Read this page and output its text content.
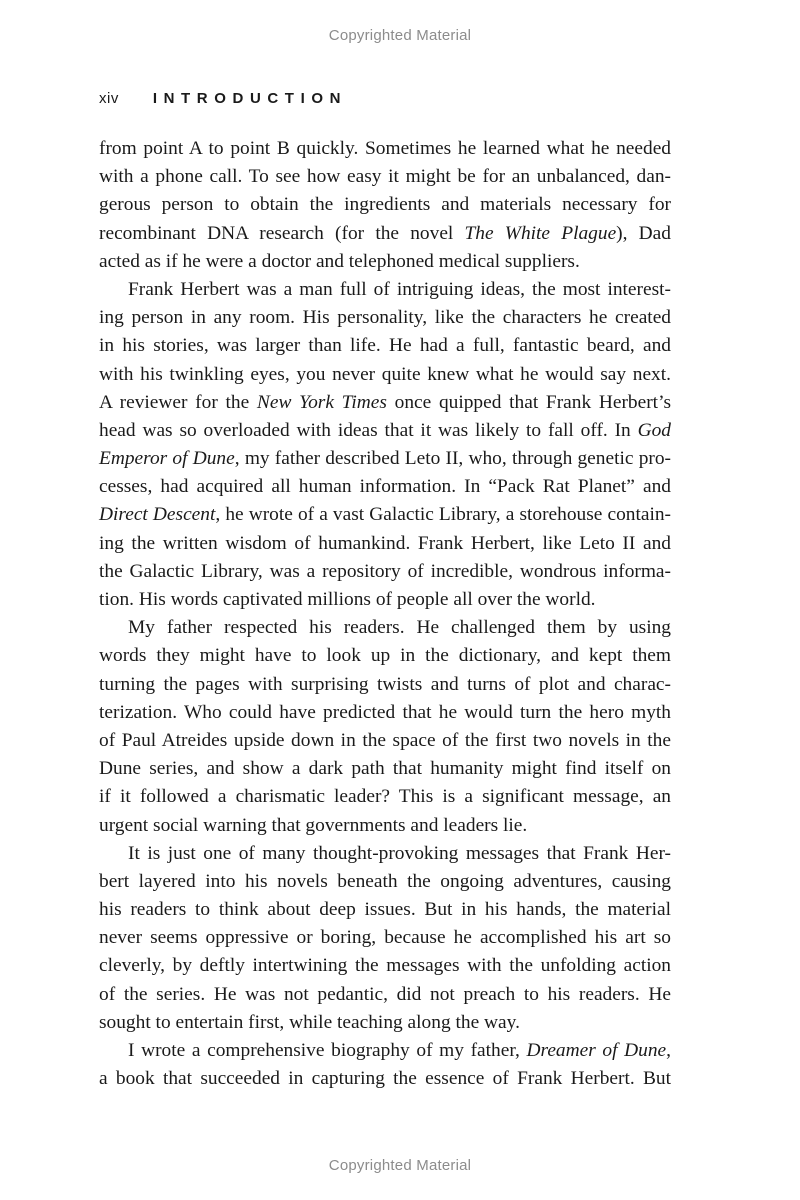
Copyrighted Material
xiv INTRODUCTION
from point A to point B quickly. Sometimes he learned what he needed
with a phone call. To see how easy it might be for an unbalanced, dan-
gerous person to obtain the ingredients and materials necessary for
recombinant DNA research (for the novel The White Plague), Dad
acted as if he were a doctor and telephoned medical suppliers.
Frank Herbert was a man full of intriguing ideas, the most interest-
ing person in any room. His personality, like the characters he created
in his stories, was larger than life. He had a full, fantastic beard, and
with his twinkling eyes, you never quite knew what he would say next.
A reviewer for the New York Times once quipped that Frank Herbert’s
head was so overloaded with ideas that it was likely to fall off. In God
Emperor of Dune, my father described Leto II, who, through genetic pro-
cesses, had acquired all human information. In “Pack Rat Planet” and
Direct Descent, he wrote of a vast Galactic Library, a storehouse contain-
ing the written wisdom of humankind. Frank Herbert, like Leto II and
the Galactic Library, was a repository of incredible, wondrous informa-
tion. His words captivated millions of people all over the world.
My father respected his readers. He challenged them by using
words they might have to look up in the dictionary, and kept them
turning the pages with surprising twists and turns of plot and charac-
terization. Who could have predicted that he would turn the hero myth
of Paul Atreides upside down in the space of the first two novels in the
Dune series, and show a dark path that humanity might find itself on
if it followed a charismatic leader? This is a significant message, an
urgent social warning that governments and leaders lie.
It is just one of many thought-provoking messages that Frank Her-
bert layered into his novels beneath the ongoing adventures, causing
his readers to think about deep issues. But in his hands, the material
never seems oppressive or boring, because he accomplished his art so
cleverly, by deftly intertwining the messages with the unfolding action
of the series. He was not pedantic, did not preach to his readers. He
sought to entertain first, while teaching along the way.
I wrote a comprehensive biography of my father, Dreamer of Dune,
a book that succeeded in capturing the essence of Frank Herbert. But
Copyrighted Material
